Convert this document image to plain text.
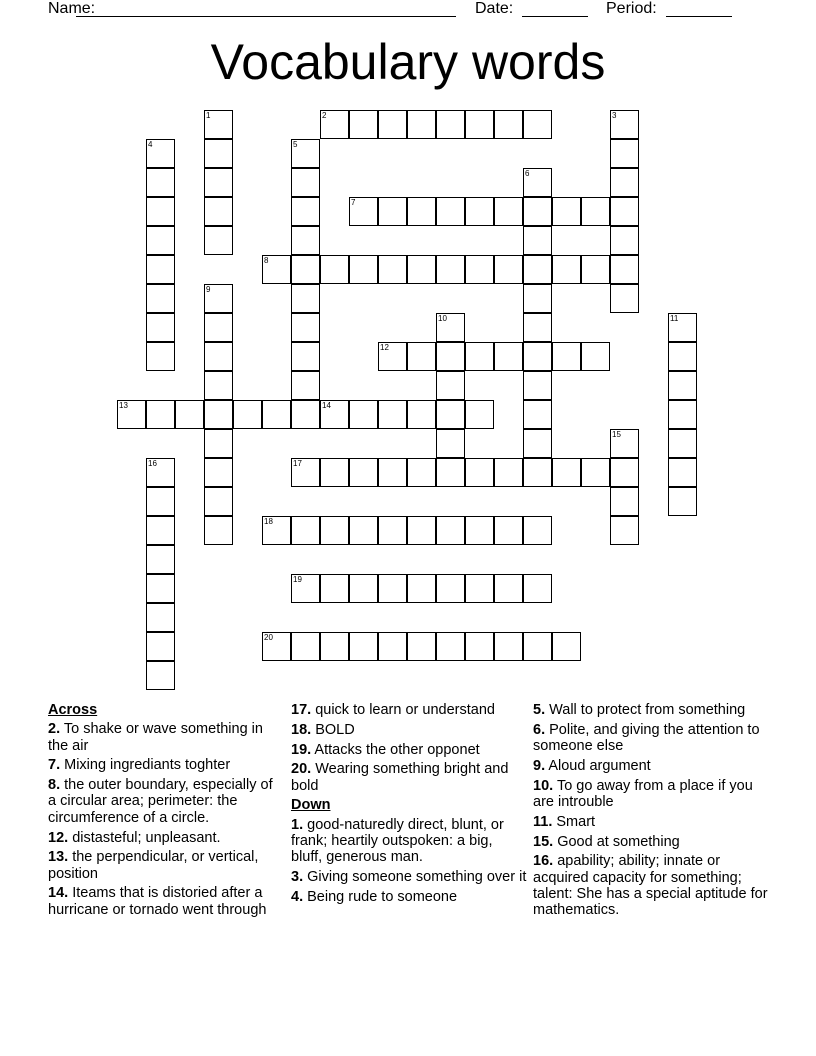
Name:	Date:	Period:
Vocabulary words
1	2	3
4	5
6
7
8
9
10	11
12
13	14
15
16	17
18
19
20
Across
2. To shake or wave something in the air
7. Mixing ingrediants toghter
8. the outer boundary, especially of a circular area; perimeter: the circumference of a circle.
12. distasteful; unpleasant.
13. the perpendicular, or vertical, position
14. Iteams that is distoried after a hurricane or tornado went through
17. quick to learn or understand
18. BOLD
19. Attacks the other opponet
20. Wearing something bright and bold
Down
1. good-naturedly direct, blunt, or frank; heartily outspoken: a big, bluff, generous man.
3. Giving someone something over it
4. Being rude to someone
5. Wall to protect from something
6. Polite, and giving the attention to someone else
9. Aloud argument
10. To go away from a place if you are introuble
11. Smart
15. Good at something
16. apability; ability; innate or acquired capacity for something; talent: She has a special aptitude for mathematics.
